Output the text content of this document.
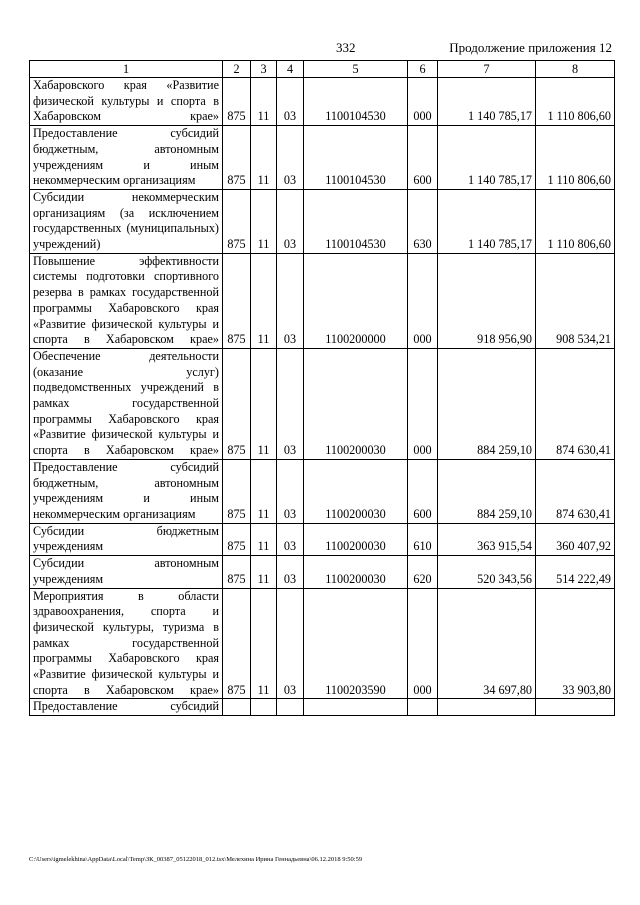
332	Продолжение приложения 12
1	2	3	4	5	6	7	8
Хабаровского края «Развитие физической культуры и спорта в Хабаровском крае»	875	11	03	1100104530	000	1 140 785,17	1 110 806,60
Предоставление субсидий бюджетным, автономным учреждениям и иным некоммерческим организациям	875	11	03	1100104530	600	1 140 785,17	1 110 806,60
Субсидии некоммерческим организациям (за исключением государственных (муниципальных) учреждений)	875	11	03	1100104530	630	1 140 785,17	1 110 806,60
Повышение эффективности системы подготовки спортивного резерва в рамках государственной программы Хабаровского края «Развитие физической культуры и спорта в Хабаровском крае»	875	11	03	1100200000	000	918 956,90	908 534,21
Обеспечение деятельности (оказание услуг) подведомственных учреждений в рамках государственной программы Хабаровского края «Развитие физической культуры и спорта в Хабаровском крае»	875	11	03	1100200030	000	884 259,10	874 630,41
Предоставление субсидий бюджетным, автономным учреждениям и иным некоммерческим организациям	875	11	03	1100200030	600	884 259,10	874 630,41
Субсидии бюджетным учреждениям	875	11	03	1100200030	610	363 915,54	360 407,92
Субсидии автономным учреждениям	875	11	03	1100200030	620	520 343,56	514 222,49
Мероприятия в области здравоохранения, спорта и физической культуры, туризма в рамках государственной программы Хабаровского края «Развитие физической культуры и спорта в Хабаровском крае»	875	11	03	1100203590	000	34 697,80	33 903,80
Предоставление субсидий							
C:\Users\igmelekhina\AppData\Local\Temp\ЗК_00387_05122018_012.tsx\Мелехина Ирина Геннадьевна\06.12.2018 9:50:59
